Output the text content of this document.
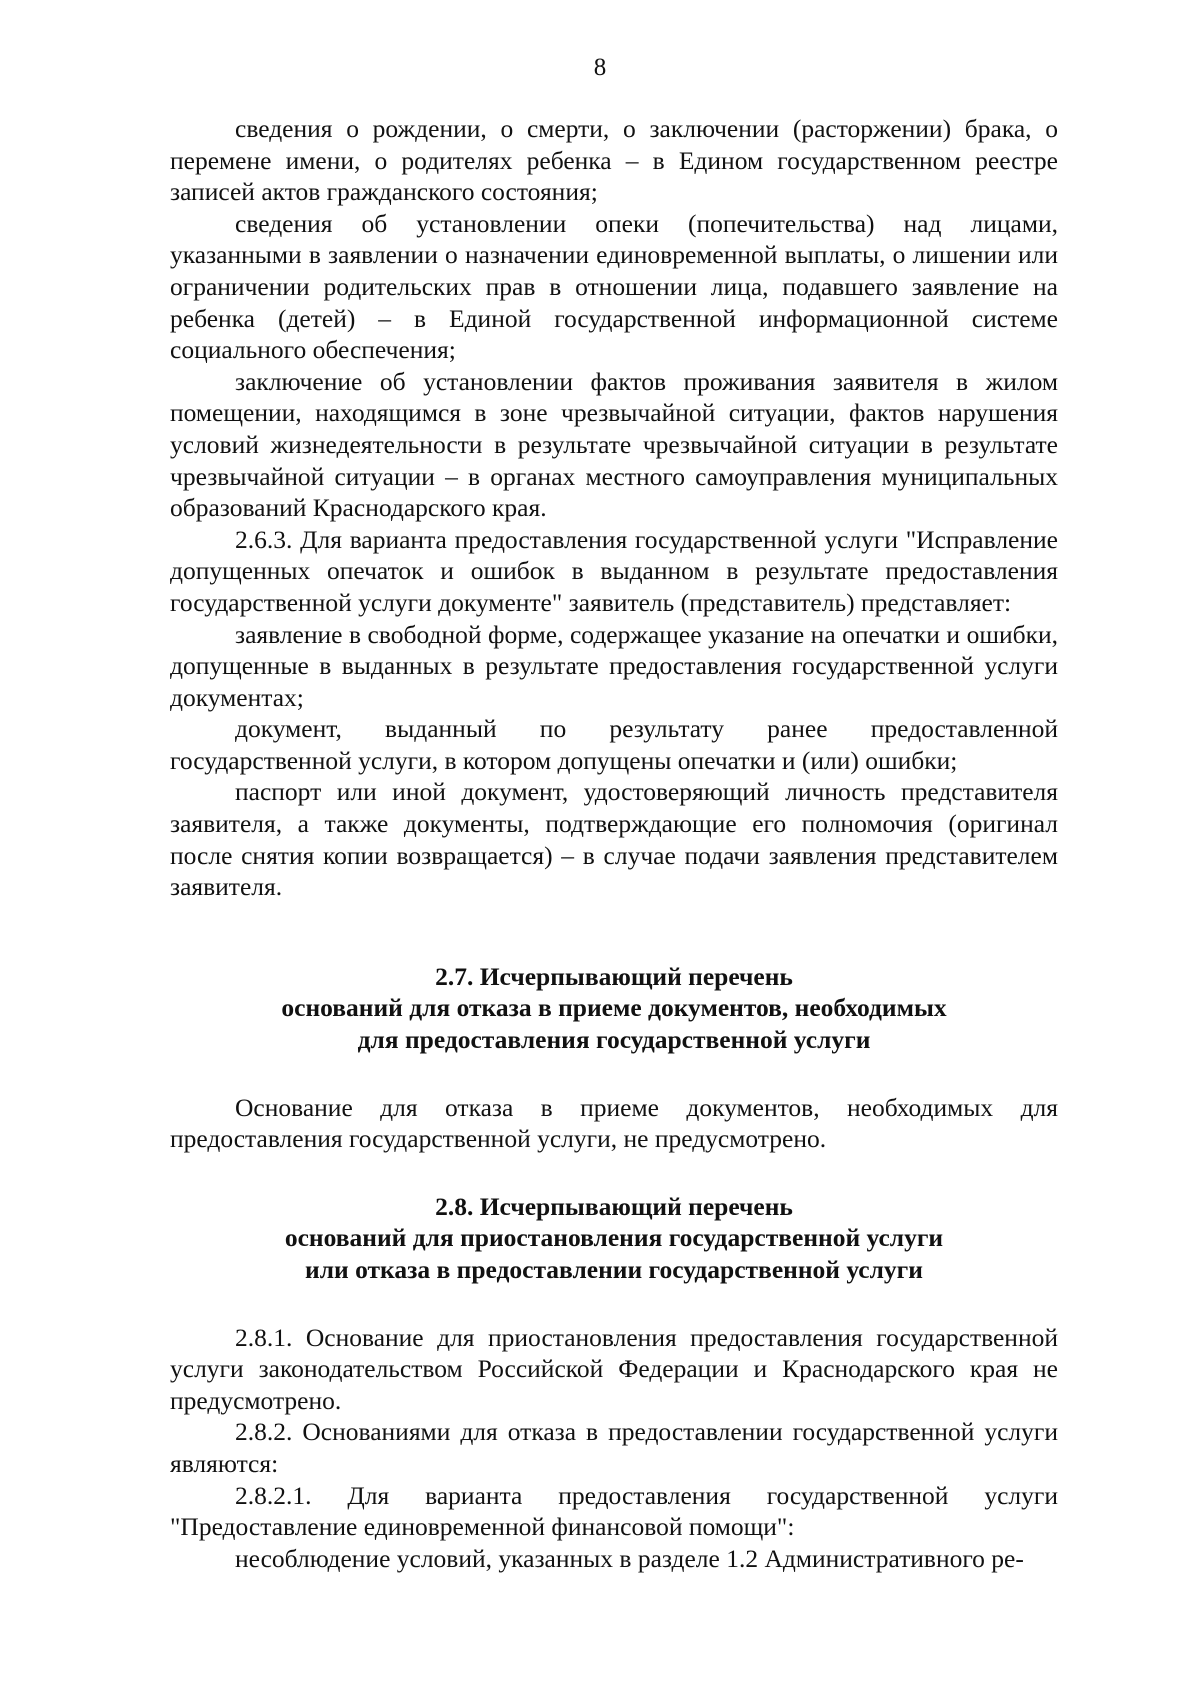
8

сведения о рождении, о смерти, о заключении (расторжении) брака, о перемене имени, о родителях ребенка – в Едином государственном реестре записей актов гражданского состояния;

сведения об установлении опеки (попечительства) над лицами, указанными в заявлении о назначении единовременной выплаты, о лишении или ограничении родительских прав в отношении лица, подавшего заявление на ребенка (детей) – в Единой государственной информационной системе социального обеспечения;

заключение об установлении фактов проживания заявителя в жилом помещении, находящимся в зоне чрезвычайной ситуации, фактов нарушения условий жизнедеятельности в результате чрезвычайной ситуации в результате чрезвычайной ситуации – в органах местного самоуправления муниципальных образований Краснодарского края.

2.6.3. Для варианта предоставления государственной услуги "Исправление допущенных опечаток и ошибок в выданном в результате предоставления государственной услуги документе" заявитель (представитель) представляет:

заявление в свободной форме, содержащее указание на опечатки и ошибки, допущенные в выданных в результате предоставления государственной услуги документах;

документ, выданный по результату ранее предоставленной государственной услуги, в котором допущены опечатки и (или) ошибки;

паспорт или иной документ, удостоверяющий личность представителя заявителя, а также документы, подтверждающие его полномочия (оригинал после снятия копии возвращается) – в случае подачи заявления представителем заявителя.

2.7. Исчерпывающий перечень
оснований для отказа в приеме документов, необходимых
для предоставления государственной услуги

Основание для отказа в приеме документов, необходимых для предоставления государственной услуги, не предусмотрено.

2.8. Исчерпывающий перечень
оснований для приостановления государственной услуги
или отказа в предоставлении государственной услуги

2.8.1. Основание для приостановления предоставления государственной услуги законодательством Российской Федерации и Краснодарского края не предусмотрено.

2.8.2. Основаниями для отказа в предоставлении государственной услуги являются:

2.8.2.1. Для варианта предоставления государственной услуги "Предоставление единовременной финансовой помощи":

несоблюдение условий, указанных в разделе 1.2 Административного ре-
